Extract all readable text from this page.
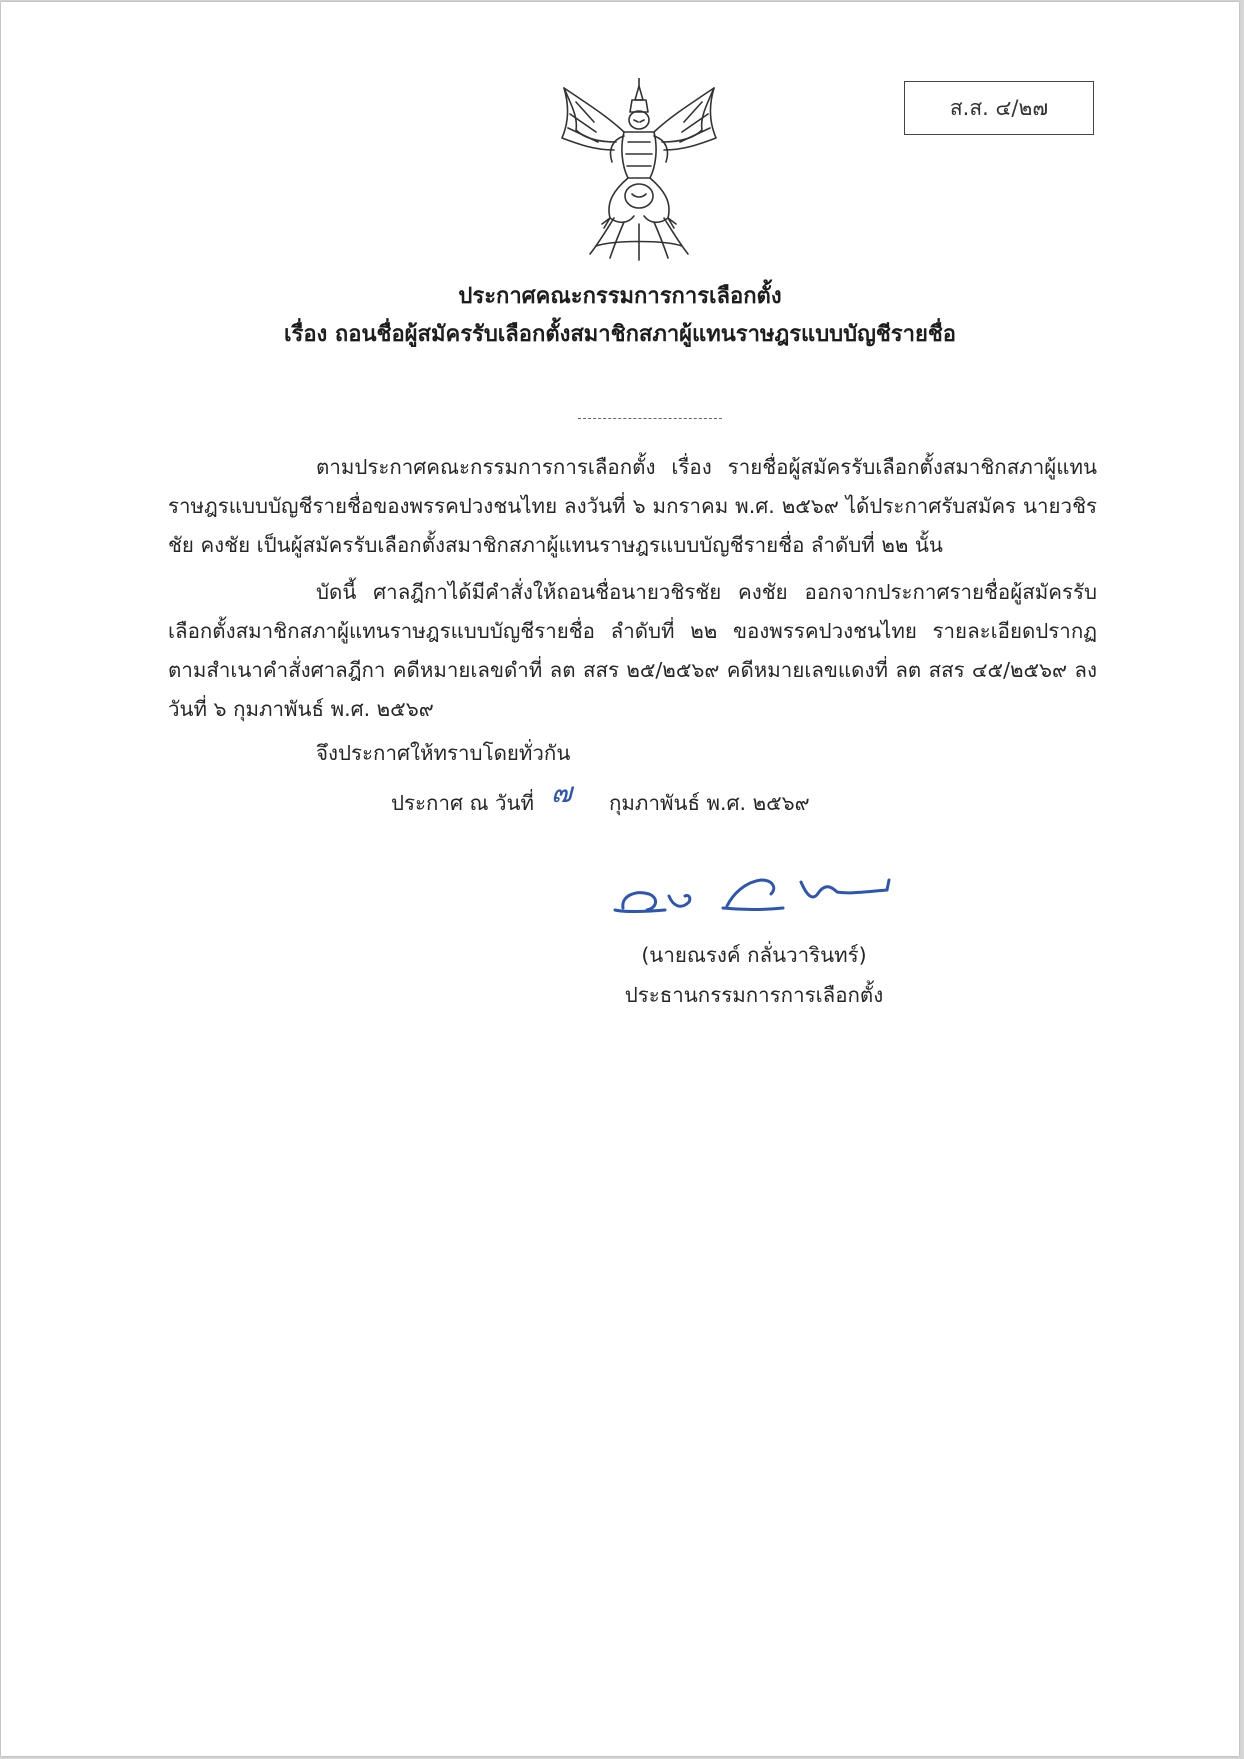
ส.ส. ๔/๒๗
ประกาศคณะกรรมการการเลือกตั้ง
เรื่อง ถอนชื่อผู้สมัครรับเลือกตั้งสมาชิกสภาผู้แทนราษฎรแบบบัญชีรายชื่อ
ตามประกาศคณะกรรมการการเลือกตั้ง เรื่อง รายชื่อผู้สมัครรับเลือกตั้งสมาชิกสภาผู้แทนราษฎรแบบบัญชีรายชื่อของพรรคปวงชนไทย ลงวันที่ ๖ มกราคม พ.ศ. ๒๕๖๙ ได้ประกาศรับสมัคร นายวชิรชัย คงชัย เป็นผู้สมัครรับเลือกตั้งสมาชิกสภาผู้แทนราษฎรแบบบัญชีรายชื่อ ลำดับที่ ๒๒ นั้น
บัดนี้ ศาลฎีกาได้มีคำสั่งให้ถอนชื่อนายวชิรชัย คงชัย ออกจากประกาศรายชื่อผู้สมัครรับเลือกตั้งสมาชิกสภาผู้แทนราษฎรแบบบัญชีรายชื่อ ลำดับที่ ๒๒ ของพรรคปวงชนไทย รายละเอียดปรากฏตามสำเนาคำสั่งศาลฎีกา คดีหมายเลขดำที่ ลต สสร ๒๕/๒๕๖๙ คดีหมายเลขแดงที่ ลต สสร ๔๕/๒๕๖๙ ลงวันที่ ๖ กุมภาพันธ์ พ.ศ. ๒๕๖๙
จึงประกาศให้ทราบโดยทั่วกัน
ประกาศ ณ วันที่ ๗ กุมภาพันธ์ พ.ศ. ๒๕๖๙
(นายณรงค์ กลั่นวารินทร์)
ประธานกรรมการการเลือกตั้ง
